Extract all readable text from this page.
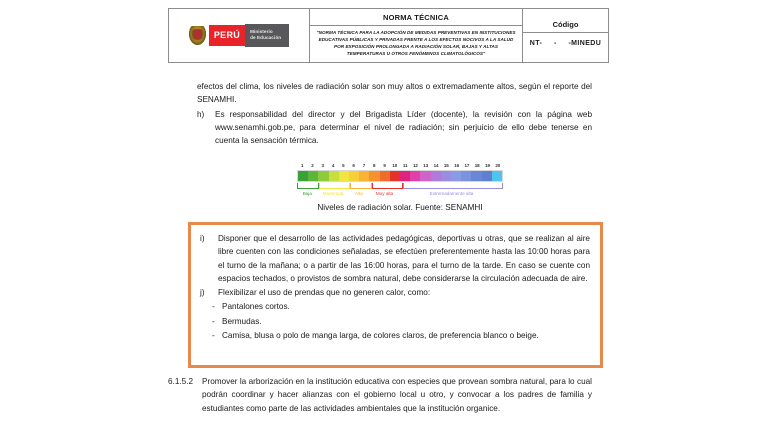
PERÚ	Ministerio
de Educación

NORMA TÉCNICA
"NORMA TÉCNICA PARA LA ADOPCIÓN DE MEDIDAS PREVENTIVAS EN INSTITUCIONES EDUCATIVAS PÚBLICAS Y PRIVADAS FRENTE A LOS EFECTOS NOCIVOS A LA SALUD POR EXPOSICIÓN PROLONGADA A RADIACIÓN SOLAR, BAJAS Y ALTAS TEMPERATURAS U OTROS FENÓMENOS CLIMATOLÓGICOS"

Código
NT-     -     -MINEDU

efectos del clima, los niveles de radiación solar son muy altos o extremadamente altos, según el reporte del SENAMHI.

h)	Es responsabilidad del director y del Brigadista Líder (docente), la revisión con la página web www.senamhi.gob.pe, para determinar el nivel de radiación; sin perjuicio de ello debe tenerse en cuenta la sensación térmica.
1	2	3	4	5	6	7	8	9	10	11	12	13	14	15	16	17	18	19	20
Baja	Moderada	Alta	Muy alta	Extremadamente alta
Niveles de radiación solar. Fuente: SENAMHI
i)	Disponer que el desarrollo de las actividades pedagógicas, deportivas u otras, que se realizan al aire libre cuenten con las condiciones señaladas, se efectúen preferentemente hasta las 10:00 horas para el turno de la mañana; o a partir de las 16:00 horas, para el turno de la tarde. En caso se cuente con espacios techados, o provistos de sombra natural, debe considerarse la circulación adecuada de aire.
j)	Flexibilizar el uso de prendas que no generen calor, como:
- Pantalones cortos.
- Bermudas.
- Camisa, blusa o polo de manga larga, de colores claros, de preferencia blanco o beige.
6.1.5.2	Promover la arborización en la institución educativa con especies que provean sombra natural, para lo cual podrán coordinar y hacer alianzas con el gobierno local u otro, y convocar a los padres de familia y estudiantes como parte de las actividades ambientales que la institución organice.
